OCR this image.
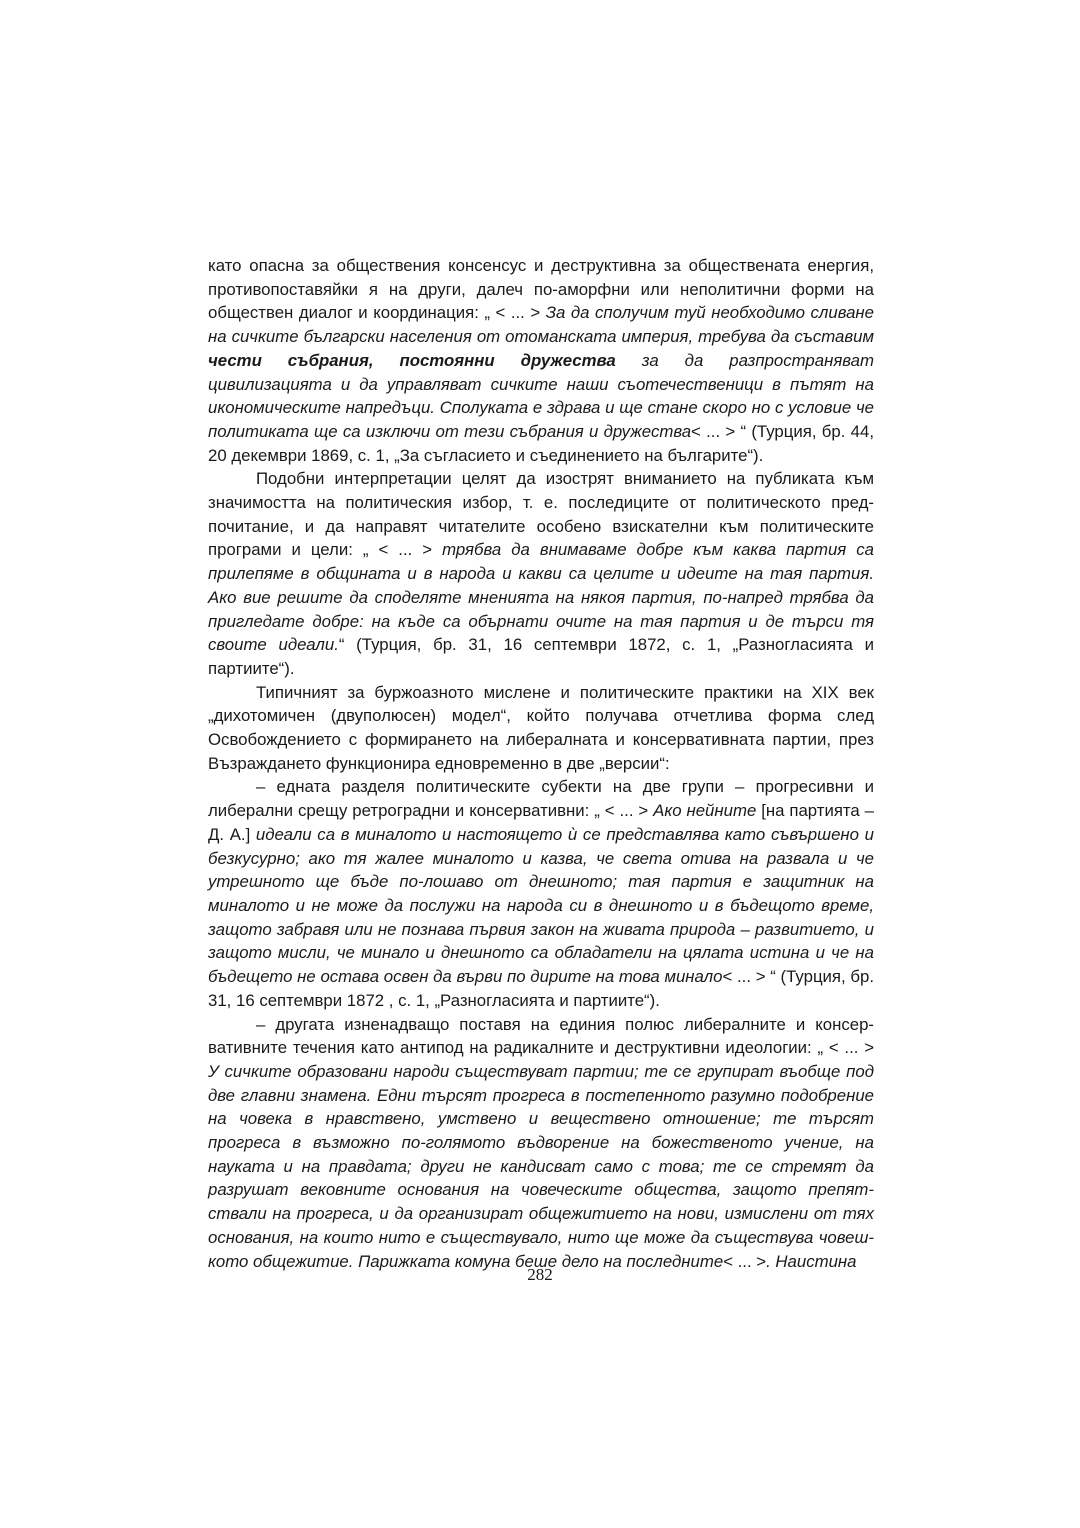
като опасна за обществения консенсус и деструктивна за обществената енергия, противопоставяйки я на други, далеч по-аморфни или неполитични форми на обществен диалог и координация: „ < ... > За да сполучим туй необходимо сливане на сичките български населения от отоманската империя, требува да съставим чести събрания, постоянни дружества за да разпространяват цивилизацията и да управляват сичките наши съотечественици в пътят на икономическите напредъци. Сполуката е здрава и ще стане скоро но с условие че политиката ще са изключи от тези събрания и дружества< ... > “ (Турция, бр. 44, 20 декември 1869, с. 1, „За съгласието и съединението на българите“).

Подобни интерпретации целят да изострят вниманието на публиката към значимостта на политическия избор, т. е. последиците от политическото предпочитание, и да направят читателите особено взискателни към политическите програми и цели: „ < ... > трябва да внимаваме добре към каква партия са прилепяме в общината и в народа и какви са целите и идеите на тая партия. Ако вие решите да споделяте мненията на някоя партия, по-напред трябва да пригледате добре: на къде са обърнати очите на тая партия и де търси тя своите идеали.“ (Турция, бр. 31, 16 септември 1872, с. 1, „Разногласията и партиите“).

Типичният за буржоазното мислене и политическите практики на XIX век „дихотомичен (двуполюсен) модел“, който получава отчетлива форма след Освобождението с формирането на либералната и консервативната партии, през Възраждането функционира едновременно в две „версии“:

– едната разделя политическите субекти на две групи – прогресивни и либерални срещу ретроградни и консервативни: „ < ... > Ако нейните [на партията – Д. А.] идеали са в миналото и настоящето ѝ се представлява като съвършено и безкусурно; ако тя жалее миналото и казва, че света отива на развала и че утрешното ще бъде по-лошаво от днешното; тая партия е защитник на миналото и не може да послужи на народа си в днешното и в бъдещото време, защото забравя или не познава първия закон на живата природа – развитието, и защото мисли, че минало и днешното са обладатели на цялата истина и че на бъдещето не остава освен да върви по дирите на това минало< ... > “ (Турция, бр. 31, 16 септември 1872 , с. 1, „Разногласията и партиите“).

– другата изненадващо поставя на единия полюс либералните и консервативните течения като антипод на радикалните и деструктивни идеологии: „ < ... > У сичките образовани народи съществуват партии; те се групират въобще под две главни знамена. Едни търсят прогреса в постепенното разумно подобрение на човека в нравствено, умствено и веществено отношение; те търсят прогреса в възможно по-голямото въдворение на божественото учение, на науката и на правдата; други не кандисват само с това; те се стремят да разрушат вековните основания на човеческите общества, защото препятствали на прогреса, и да организират общежитието на нови, измислени от тях основания, на които нито е съществувало, нито ще може да съществува човешкото общежитие. Парижката комуна беше дело на последните< ... >. Наистина

282
